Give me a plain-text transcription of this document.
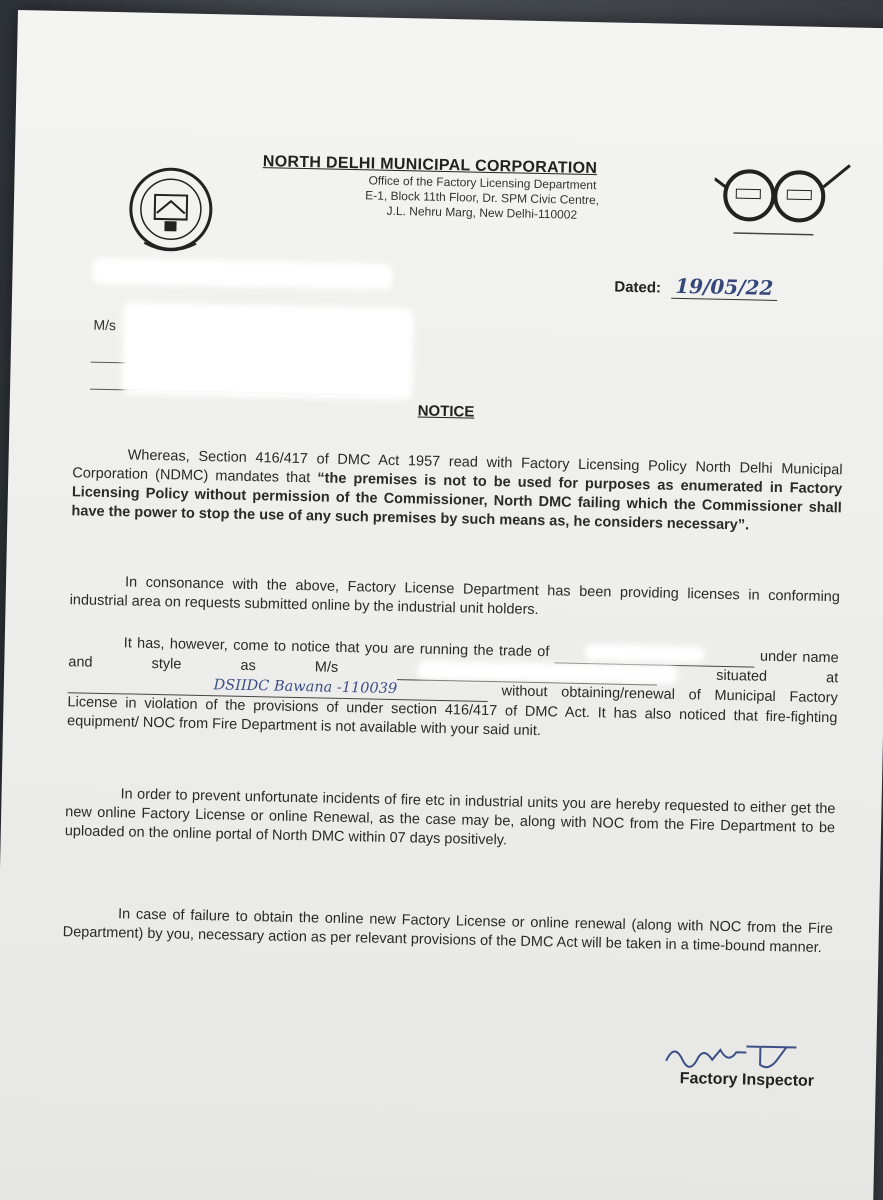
NORTH DELHI MUNICIPAL CORPORATION
Office of the Factory Licensing Department
E-1, Block 11th Floor, Dr. SPM Civic Centre,
J.L. Nehru Marg, New Delhi-110002
Dated: 19/05/22
M/s
NOTICE
Whereas, Section 416/417 of DMC Act 1957 read with Factory Licensing Policy North Delhi Municipal Corporation (NDMC) mandates that “the premises is not to be used for purposes as enumerated in Factory Licensing Policy without permission of the Commissioner, North DMC failing which the Commissioner shall have the power to stop the use of any such premises by such means as, he considers necessary”.
In consonance with the above, Factory License Department has been providing licenses in conforming industrial area on requests submitted online by the industrial unit holders.
It has, however, come to notice that you are running the trade of	under name and style as M/s
situated at DSIIDC Bawana -110039	without obtaining/renewal of Municipal Factory License in violation of the provisions of under section 416/417 of DMC Act. It has also noticed that fire-fighting equipment/ NOC from Fire Department is not available with your said unit.
In order to prevent unfortunate incidents of fire etc in industrial units you are hereby requested to either get the new online Factory License or online Renewal, as the case may be, along with NOC from the Fire Department to be uploaded on the online portal of North DMC within 07 days positively.
In case of failure to obtain the online new Factory License or online renewal (along with NOC from the Fire Department) by you, necessary action as per relevant provisions of the DMC Act will be taken in a time-bound manner.
Factory Inspector
